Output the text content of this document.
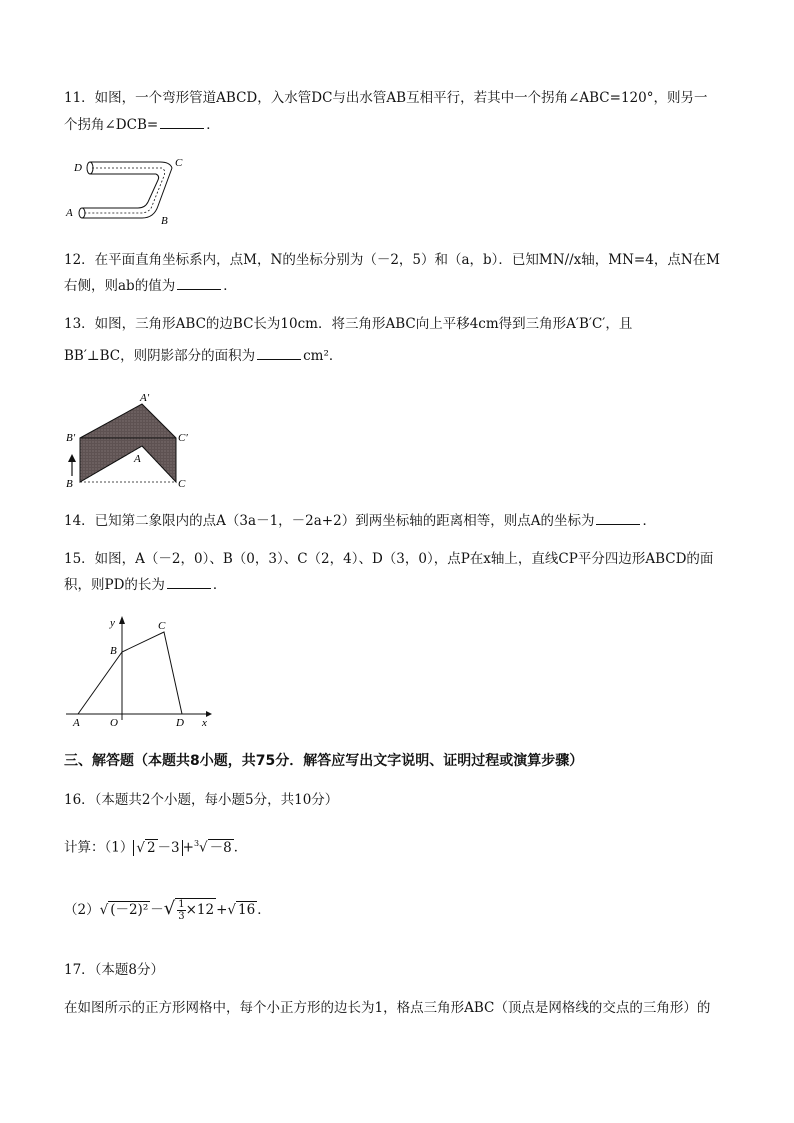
11．如图，一个弯形管道ABCD，入水管DC与出水管AB互相平行，若其中一个拐角∠ABC=120°，则另一
个拐角∠DCB=	．
D	C
A
B
12．在平面直角坐标系内，点M，N的坐标分别为（－2，5）和（a，b）．已知MN//x轴，MN=4，点N在M
右侧，则ab的值为	．
13．如图，三角形ABC的边BC长为10cm．将三角形ABC向上平移4cm得到三角形A′B′C′，且
BB′⊥BC，则阴影部分的面积为	cm²．
A′
B′	C′
A
B	C
14．已知第二象限内的点A（3a－1，－2a+2）到两坐标轴的距离相等，则点A的坐标为	．
15．如图，A（－2，0）、B（0，3）、C（2，4）、D（3，0），点P在x轴上，直线CP平分四边形ABCD的面
积，则PD的长为	．
y
x
A	O
B
C
D
三、解答题（本题共8小题，共75分．解答应写出文字说明、证明过程或演算步骤）
16．（本题共2个小题，每小题5分，共10分）
计算：（1） √ 2 －3 +$^3$√ －8 ．
（2）√ (－2)² －√ $\frac{1}{3} \times 12$ +√ 16 ．
17．（本题8分）
在如图所示的正方形网格中，每个小正方形的边长为1，格点三角形ABC（顶点是网格线的交点的三角形）的
